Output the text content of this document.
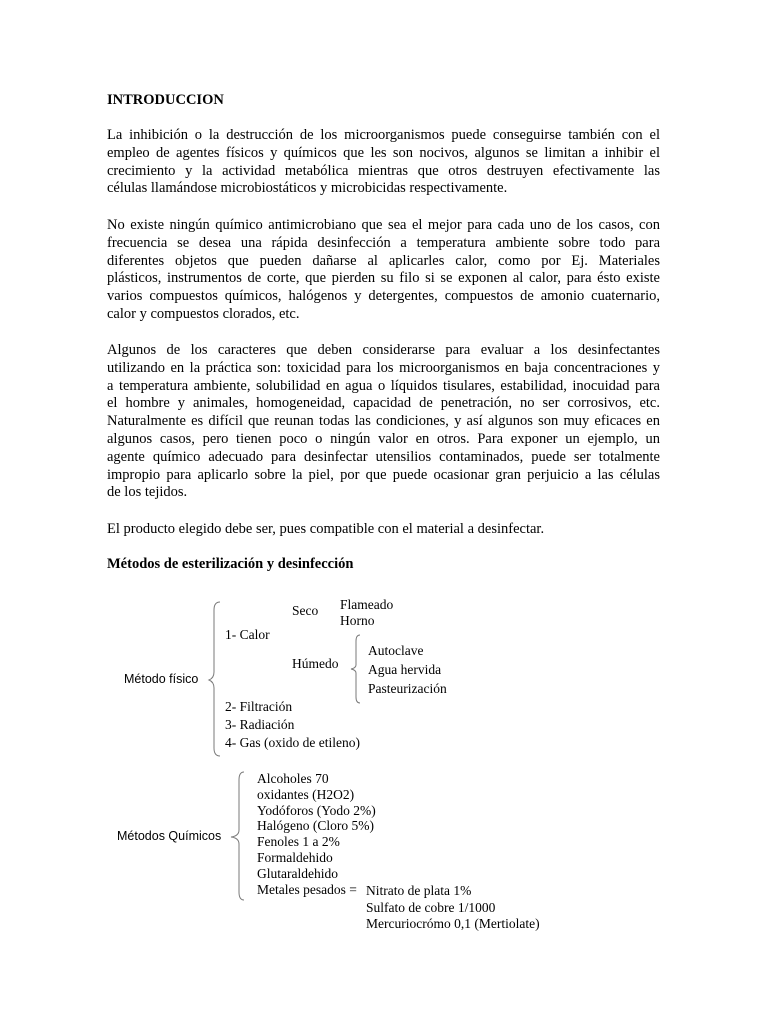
INTRODUCCION
La inhibición o la destrucción de los microorganismos puede conseguirse también con el
empleo de agentes físicos y químicos que les son nocivos, algunos se limitan a inhibir el
crecimiento y la actividad metabólica mientras que otros destruyen efectivamente las
células llamándose microbiostáticos y microbicidas respectivamente.
No existe ningún químico antimicrobiano que sea el mejor para cada uno de los casos, con
frecuencia se desea una rápida desinfección a temperatura ambiente sobre todo para
diferentes objetos que pueden dañarse al aplicarles calor, como por Ej. Materiales
plásticos, instrumentos de corte, que pierden su filo si se exponen al calor, para ésto existe
varios compuestos químicos, halógenos y detergentes, compuestos de amonio cuaternario,
calor y compuestos clorados, etc.
Algunos de los caracteres que deben considerarse para evaluar a los desinfectantes
utilizando en la práctica son: toxicidad para los microorganismos en baja concentraciones y
a temperatura ambiente, solubilidad en agua o líquidos tisulares, estabilidad, inocuidad para
el hombre y animales, homogeneidad, capacidad de penetración, no ser corrosivos, etc.
Naturalmente es difícil que reunan todas las condiciones, y así algunos son muy eficaces en
algunos casos, pero tienen poco o ningún valor en otros. Para exponer un ejemplo, un
agente químico adecuado para desinfectar utensilios contaminados, puede ser totalmente
impropio para aplicarlo sobre la piel, por que puede ocasionar gran perjuicio a las células
de los tejidos.
El producto elegido debe ser, pues compatible con el material a desinfectar.
Métodos de esterilización y desinfección

Método físico

1- Calor

Seco Flameado
Horno

Húmedo

Autoclave
Agua hervida
Pasteurización
2- Filtración
3- Radiación
4- Gas (oxido de etileno)

Métodos Químicos

Alcoholes 70
oxidantes (H2O2)
Yodóforos (Yodo 2%)
Halógeno (Cloro 5%)
Fenoles 1 a 2%
Formaldehido
Glutaraldehido
Metales pesados = Nitrato de plata 1%
Sulfato de cobre 1/1000
Mercuriocrómo 0,1 (Mertiolate)
